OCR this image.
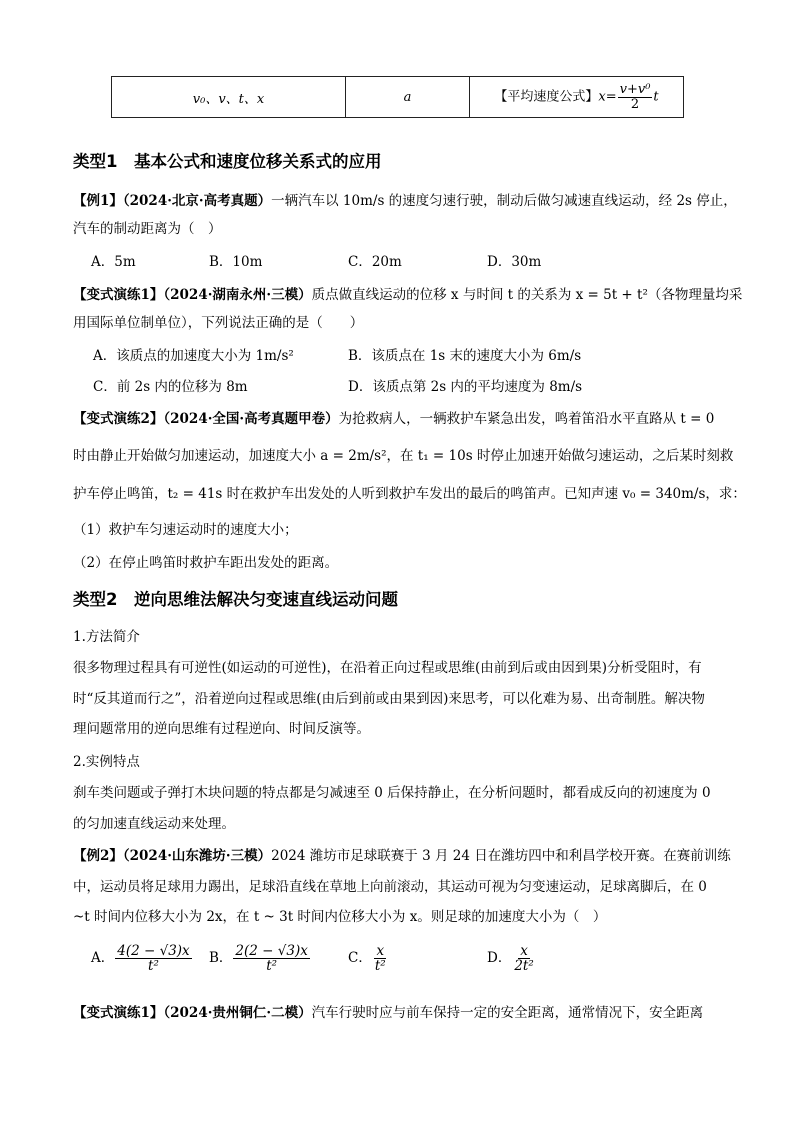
v₀、v、t、x	a	【平均速度公式】$x= \frac{\text{v+v⁰}}{2}$ t
类型1　基本公式和速度位移关系式的应用
【例1】（2024·北京·高考真题）一辆汽车以 10m/s 的速度匀速行驶，制动后做匀减速直线运动，经 2s 停止，
汽车的制动距离为（　）
A．5m	B．10m	C．20m	D．30m
【变式演练1】（2024·湖南永州·三模）质点做直线运动的位移 x 与时间 t 的关系为 x = 5t + t²（各物理量均采
用国际单位制单位），下列说法正确的是（　　）
A．该质点的加速度大小为 1m/s²	B．该质点在 1s 末的速度大小为 6m/s
C．前 2s 内的位移为 8m	D．该质点第 2s 内的平均速度为 8m/s
【变式演练2】（2024·全国·高考真题甲卷）为抢救病人，一辆救护车紧急出发，鸣着笛沿水平直路从 t = 0
时由静止开始做匀加速运动，加速度大小 a = 2m/s²，在 t₁ = 10s 时停止加速开始做匀速运动，之后某时刻救
护车停止鸣笛，t₂ = 41s 时在救护车出发处的人听到救护车发出的最后的鸣笛声。已知声速 v₀ = 340m/s，求：
（1）救护车匀速运动时的速度大小；
（2）在停止鸣笛时救护车距出发处的距离。
类型2　逆向思维法解决匀变速直线运动问题
1.方法简介
很多物理过程具有可逆性(如运动的可逆性)，在沿着正向过程或思维(由前到后或由因到果)分析受阻时，有
时“反其道而行之”，沿着逆向过程或思维(由后到前或由果到因)来思考，可以化难为易、出奇制胜。解决物
理问题常用的逆向思维有过程逆向、时间反演等。
2.实例特点
刹车类问题或子弹打木块问题的特点都是匀减速至 0 后保持静止，在分析问题时，都看成反向的初速度为 0
的匀加速直线运动来处理。
【例2】（2024·山东潍坊·三模）2024 潍坊市足球联赛于 3 月 24 日在潍坊四中和利昌学校开赛。在赛前训练
中，运动员将足球用力踢出，足球沿直线在草地上向前滚动，其运动可视为匀变速运动，足球离脚后，在 0
~t 时间内位移大小为 2x，在 t ~ 3t 时间内位移大小为 x。则足球的加速度大小为（　）
A． $\frac{4(2 - √3)x}{\text{t²}}$ B． $\frac{2(2 - √3)x}{\text{t²}}$	C． $\frac{x}{\text{t²}}$	D． $\frac{x}{\text{2t²}}$
【变式演练1】（2024·贵州铜仁·二模）汽车行驶时应与前车保持一定的安全距离，通常情况下，安全距离
